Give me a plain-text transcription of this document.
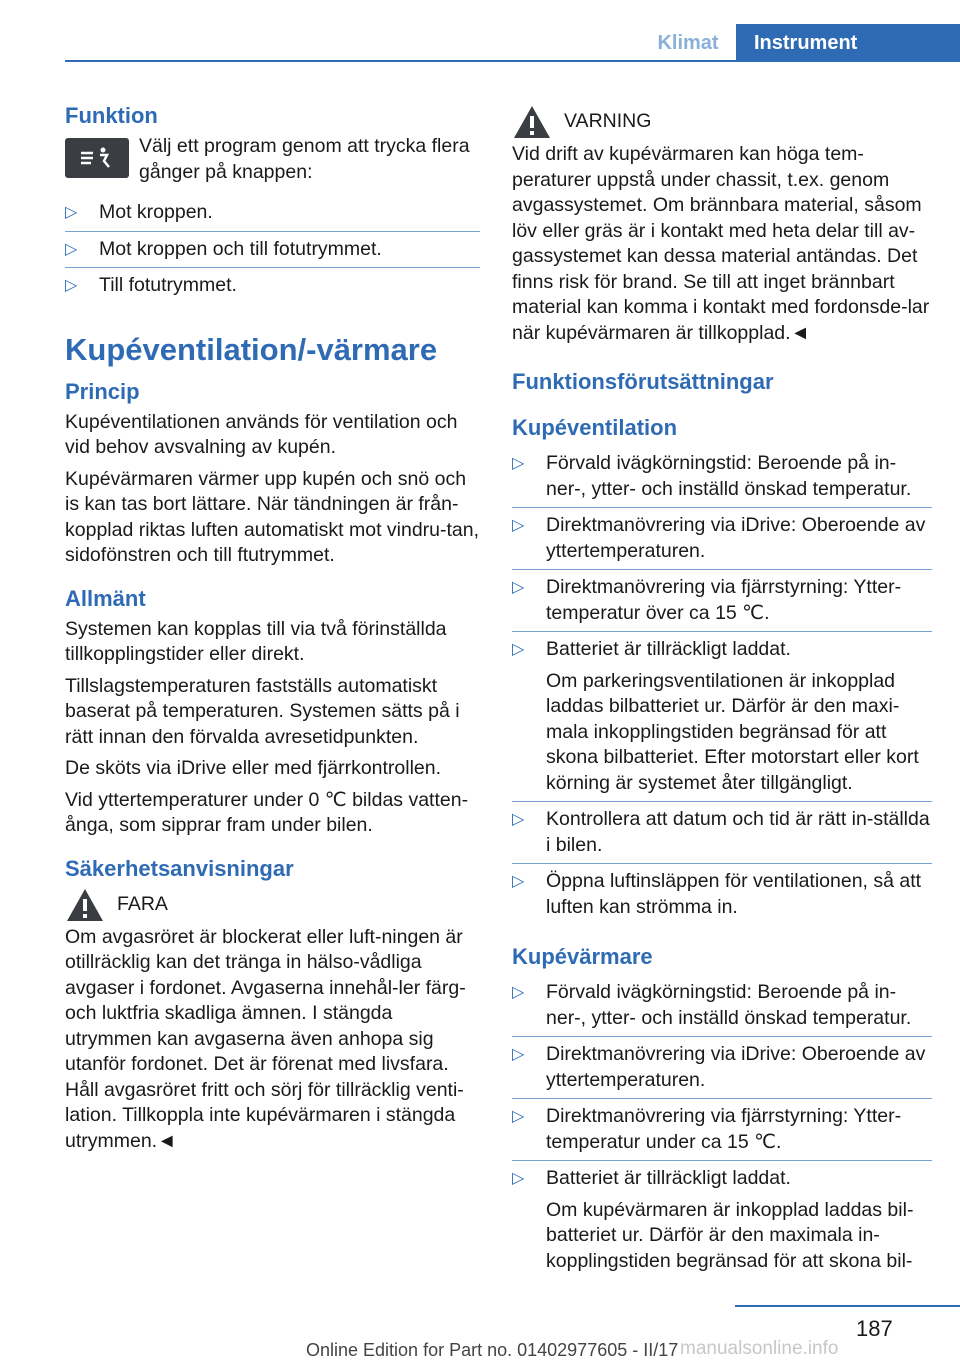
Klimat	Instrument
Funktion
Välj ett program genom att trycka flera gånger på knappen:
▷ Mot kroppen.
▷ Mot kroppen och till fotutrymmet.
▷ Till fotutrymmet.
Kupéventilation/-värmare
Princip

Kupéventilationen används för ventilation och vid behov avsvalning av kupén.

Kupévärmaren värmer upp kupén och snö och is kan tas bort lättare. När tändningen är från-kopplad riktas luften automatiskt mot vindru-tan, sidofönstren och till ftutrymmet.

Allmänt

Systemen kan kopplas till via två förinställda tillkopplingstider eller direkt.

Tillslagstemperaturen fastställs automatiskt baserat på temperaturen. Systemen sätts på i rätt innan den förvalda avresetidpunkten.

De sköts via iDrive eller med fjärrkontrollen.

Vid yttertemperaturer under 0 ℃ bildas vatten-ånga, som sipprar fram under bilen.

Säkerhetsanvisningar
FARA
Om avgasröret är blockerat eller luft-ningen är otillräcklig kan det tränga in hälso-vådliga avgaser i fordonet. Avgaserna innehål-ler färg- och luktfria skadliga ämnen. I stängda utrymmen kan avgaserna även anhopa sig utanför fordonet. Det är förenat med livsfara. Håll avgasröret fritt och sörj för tillräcklig venti-lation. Tillkoppla inte kupévärmaren i stängda utrymmen.◄
VARNING
Vid drift av kupévärmaren kan höga tem-peraturer uppstå under chassit, t.ex. genom avgassystemet. Om brännbara material, såsom löv eller gräs är i kontakt med heta delar till av-gassystemet kan dessa material antändas. Det finns risk för brand. Se till att inget brännbart material kan komma i kontakt med fordonsde-lar när kupévärmaren är tillkopplad.◄
Funktionsförutsättningar
Kupéventilation
▷ Förvald ivägkörningstid: Beroende på in-ner-, ytter- och inställd önskad temperatur.
▷ Direktmanövrering via iDrive: Oberoende av yttertemperaturen.
▷ Direktmanövrering via fjärrstyrning: Ytter-temperatur över ca 15 ℃.
▷ Batteriet är tillräckligt laddat.
Om parkeringsventilationen är inkopplad laddas bilbatteriet ur. Därför är den maxi-mala inkopplingstiden begränsad för att skona bilbatteriet. Efter motorstart eller kort körning är systemet åter tillgängligt.
▷ Kontrollera att datum och tid är rätt in-ställda i bilen.
▷ Öppna luftinsläppen för ventilationen, så att luften kan strömma in.
Kupévärmare
▷ Förvald ivägkörningstid: Beroende på in-ner-, ytter- och inställd önskad temperatur.
▷ Direktmanövrering via iDrive: Oberoende av yttertemperaturen.
▷ Direktmanövrering via fjärrstyrning: Ytter-temperatur under ca 15 ℃.
▷ Batteriet är tillräckligt laddat.
Om kupévärmaren är inkopplad laddas bil-batteriet ur. Därför är den maximala in-kopplingstiden begränsad för att skona bil-
187
Online Edition for Part no. 01402977605 - II/17 manualsonline.info
